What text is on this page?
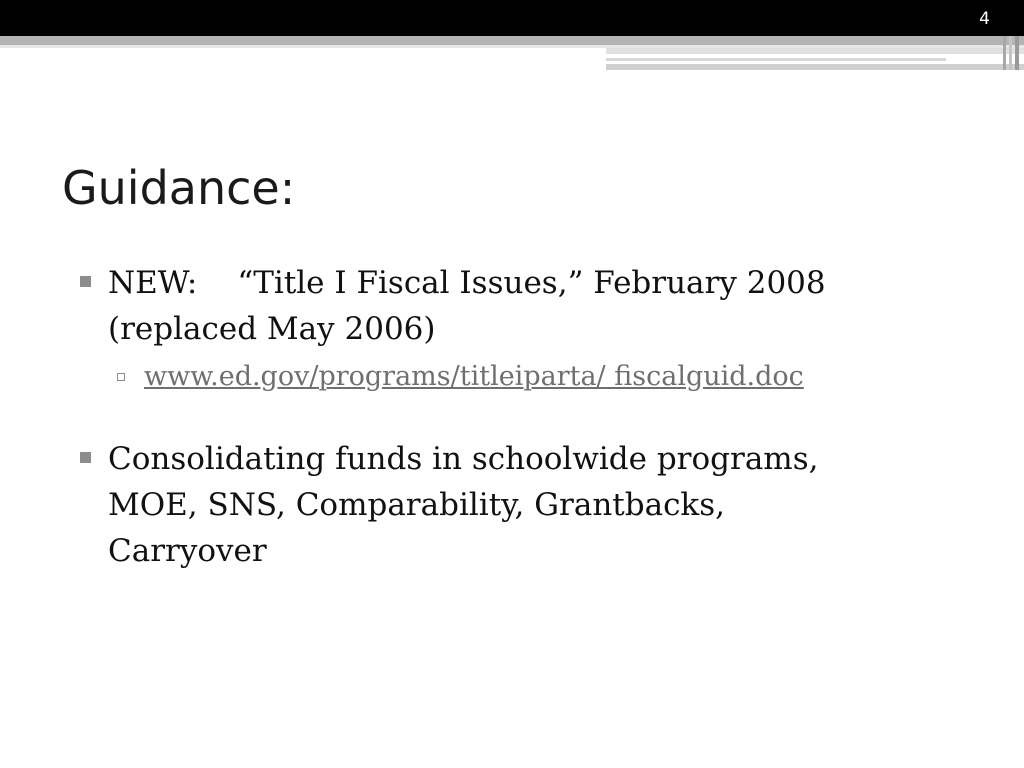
4
Guidance:
NEW: “Title I Fiscal Issues,” February 2008
(replaced May 2006)
www.ed.gov/programs/titleiparta/ fiscalguid.doc
Consolidating funds in schoolwide programs,
MOE, SNS, Comparability, Grantbacks,
Carryover
